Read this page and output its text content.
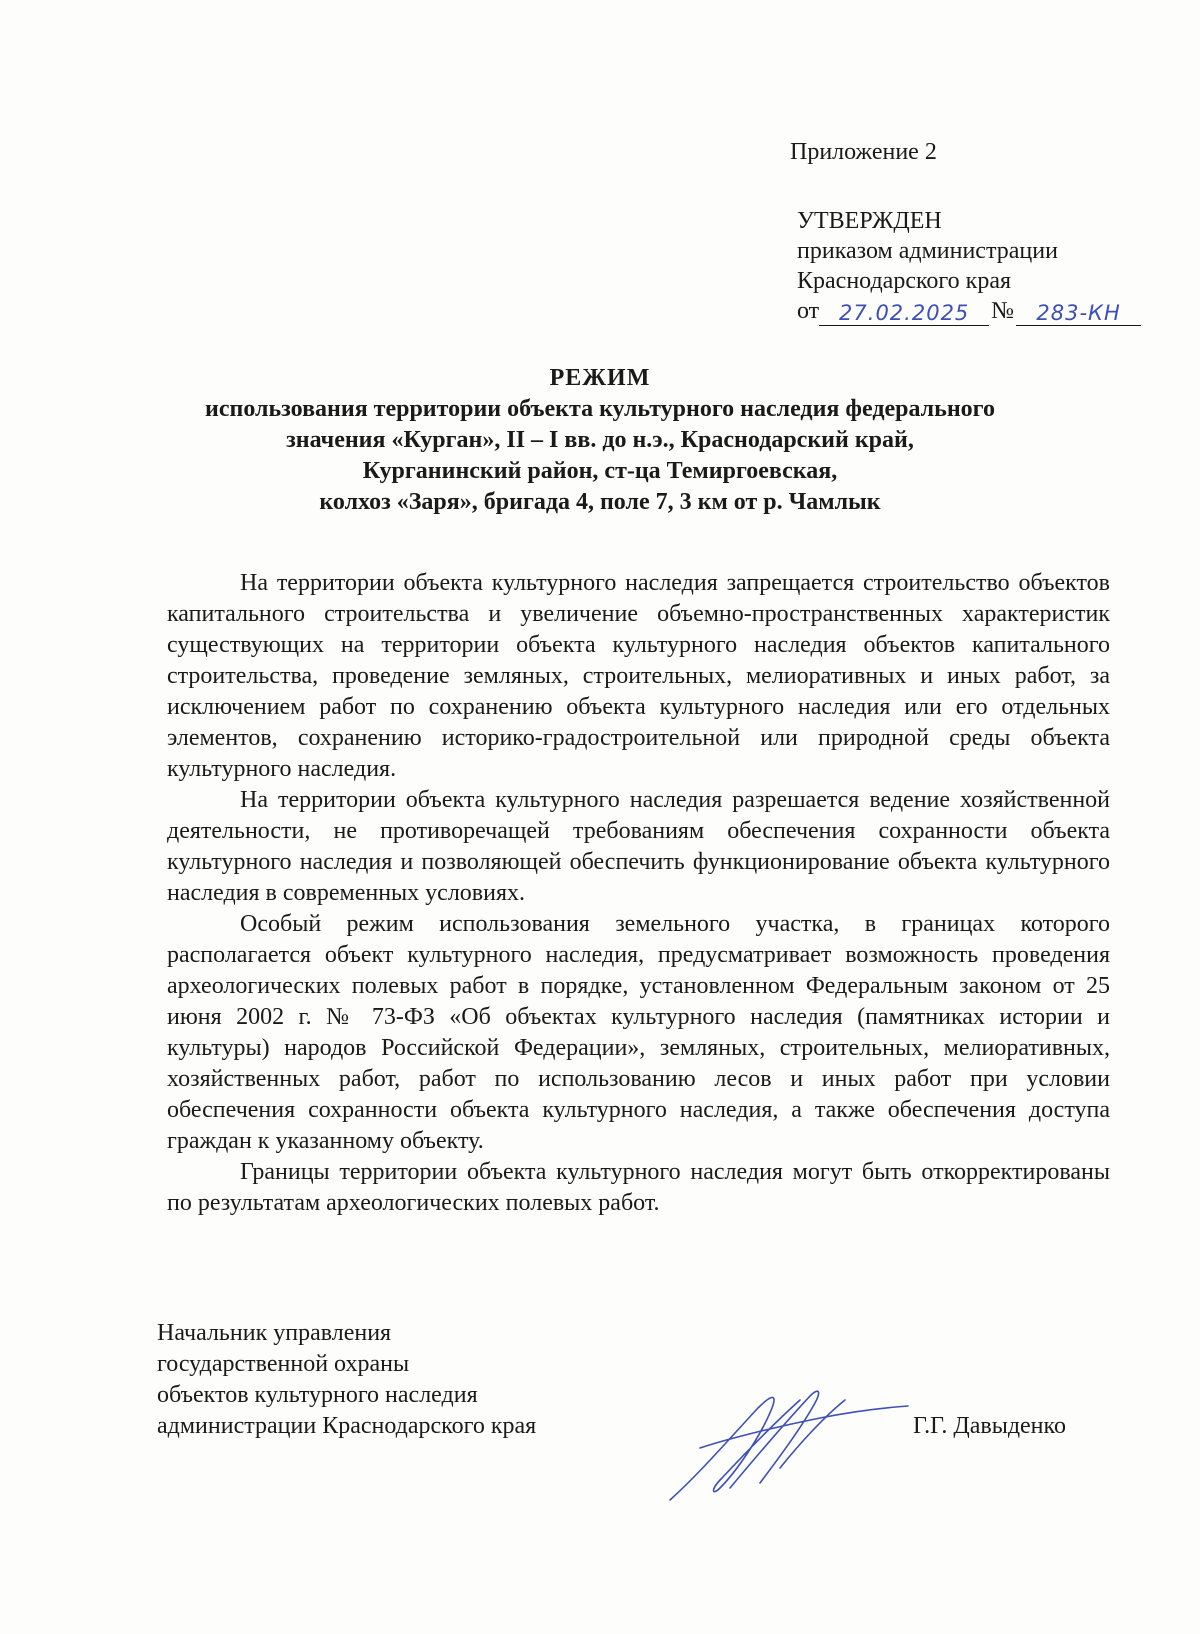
Приложение 2
УТВЕРЖДЕН
приказом администрации
Краснодарского края
от 27.02.2025 №	283-КН
РЕЖИМ
использования территории объекта культурного наследия федерального
значения «Курган», II – I вв. до н.э., Краснодарский край,
Курганинский район, ст-ца Темиргоевская,
колхоз «Заря», бригада 4, поле 7, 3 км от р. Чамлык

На территории объекта культурного наследия запрещается строительство объектов капитального строительства и увеличение объемно-пространственных характеристик существующих на территории объекта культурного наследия объектов капитального строительства, проведение земляных, строительных, мелиоративных и иных работ, за исключением работ по сохранению объекта культурного наследия или его отдельных элементов, сохранению историко-градостроительной или природной среды объекта культурного наследия.

На территории объекта культурного наследия разрешается ведение хозяйственной деятельности, не противоречащей требованиям обеспечения сохранности объекта культурного наследия и позволяющей обеспечить функционирование объекта культурного наследия в современных условиях.

Особый режим использования земельного участка, в границах которого располагается объект культурного наследия, предусматривает возможность проведения археологических полевых работ в порядке, установленном Федеральным законом от 25 июня 2002 г. № 73-ФЗ «Об объектах культурного наследия (памятниках истории и культуры) народов Российской Федерации», земляных, строительных, мелиоративных, хозяйственных работ, работ по использованию лесов и иных работ при условии обеспечения сохранности объекта культурного наследия, а также обеспечения доступа граждан к указанному объекту.

Границы территории объекта культурного наследия могут быть откорректированы по результатам археологических полевых работ.

Начальник управления
государственной охраны
объектов культурного наследия
администрации Краснодарского края	Г.Г. Давыденко
